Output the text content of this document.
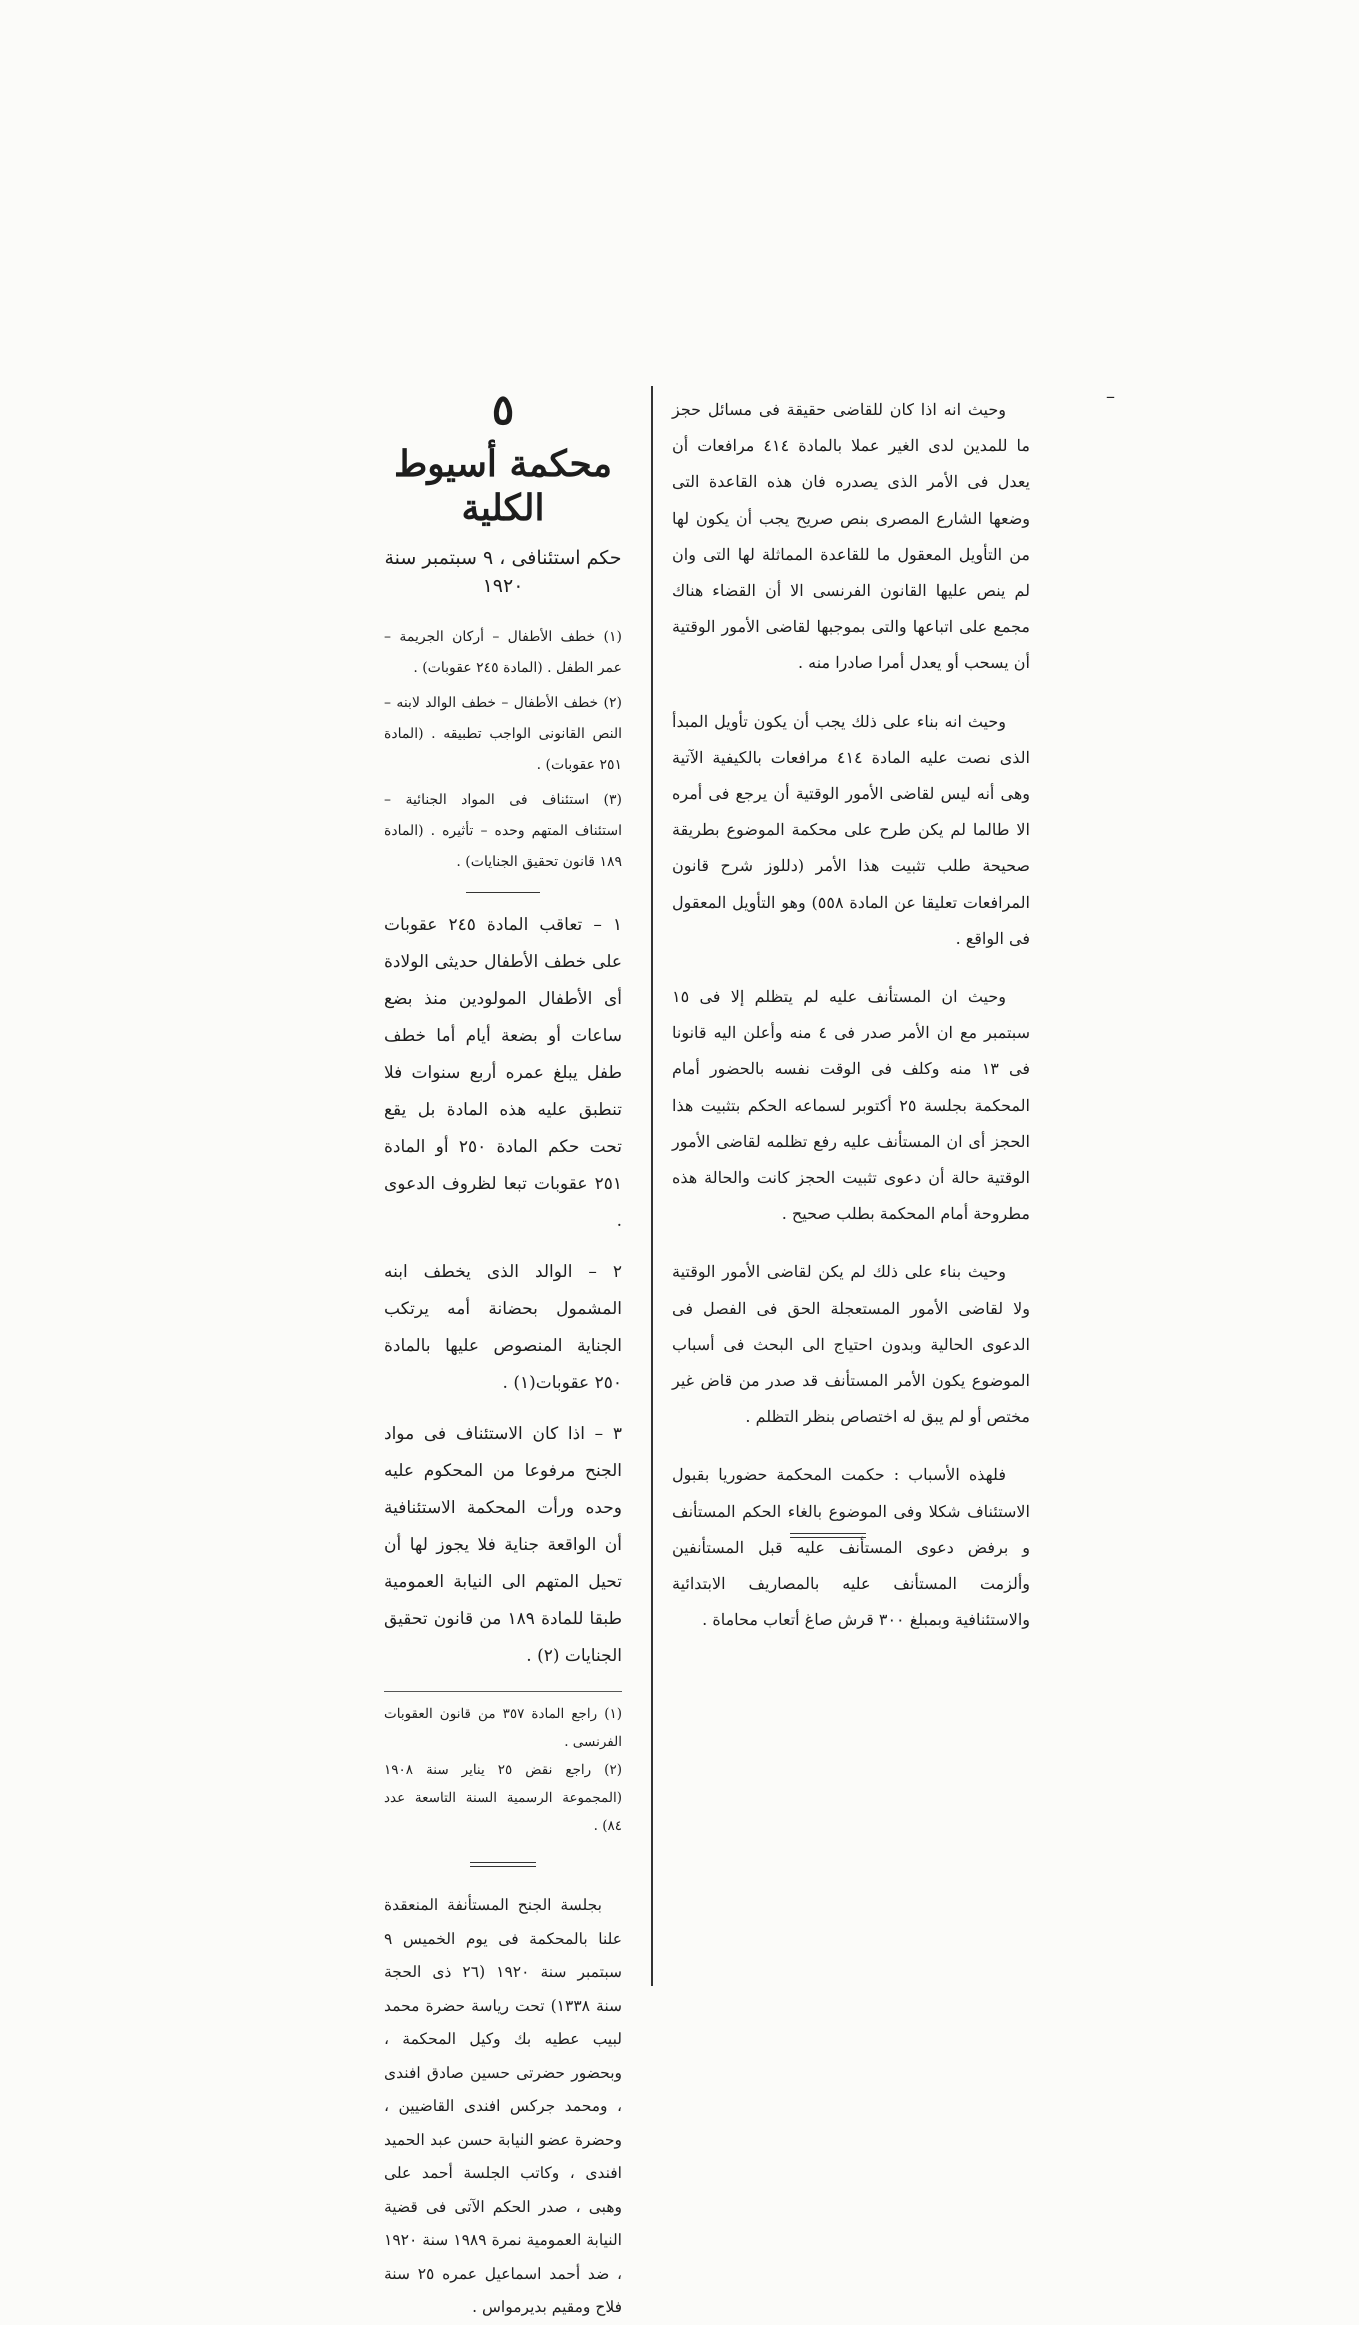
–

وحيث انه اذا كان للقاضى حقيقة فى مسائل حجز ما للمدين لدى الغير عملا بالمادة ٤١٤ مرافعات أن يعدل فى الأمر الذى يصدره فان هذه القاعدة التى وضعها الشارع المصرى بنص صريح يجب أن يكون لها من التأويل المعقول ما للقاعدة المماثلة لها التى وان لم ينص عليها القانون الفرنسى الا أن القضاء هناك مجمع على اتباعها والتى بموجبها لقاضى الأمور الوقتية أن يسحب أو يعدل أمرا صادرا منه .

وحيث انه بناء على ذلك يجب أن يكون تأويل المبدأ الذى نصت عليه المادة ٤١٤ مرافعات بالكيفية الآتية وهى أنه ليس لقاضى الأمور الوقتية أن يرجع فى أمره الا طالما لم يكن طرح على محكمة الموضوع بطريقة صحيحة طلب تثبيت هذا الأمر (دللوز شرح قانون المرافعات تعليقا عن المادة ٥٥٨) وهو التأويل المعقول فى الواقع .

وحيث ان المستأنف عليه لم يتظلم إلا فى ١٥ سبتمبر مع ان الأمر صدر فى ٤ منه وأعلن اليه قانونا فى ١٣ منه وكلف فى الوقت نفسه بالحضور أمام المحكمة بجلسة ٢٥ أكتوبر لسماعه الحكم بتثبيت هذا الحجز أى ان المستأنف عليه رفع تظلمه لقاضى الأمور الوقتية حالة أن دعوى تثبيت الحجز كانت والحالة هذه مطروحة أمام المحكمة بطلب صحيح .

وحيث بناء على ذلك لم يكن لقاضى الأمور الوقتية ولا لقاضى الأمور المستعجلة الحق فى الفصل فى الدعوى الحالية وبدون احتياج الى البحث فى أسباب الموضوع يكون الأمر المستأنف قد صدر من قاض غير مختص أو لم يبق له اختصاص بنظر التظلم .

فلهذه الأسباب : حكمت المحكمة حضوريا بقبول الاستئناف شكلا وفى الموضوع بالغاء الحكم المستأنف و برفض دعوى المستأنف عليه قبل المستأنفين وألزمت المستأنف عليه بالمصاريف الابتدائية والاستئنافية وبمبلغ ٣٠٠ قرش صاغ أتعاب محاماة .

٥
محكمة أسيوط الكلية
حكم استئنافى ، ٩ سبتمبر سنة ١٩٢٠

(١) خطف الأطفال – أركان الجريمة – عمر الطفل . (المادة ٢٤٥ عقوبات) .

(٢) خطف الأطفال – خطف الوالد لابنه – النص القانونى الواجب تطبيقه . (المادة ٢٥١ عقوبات) .

(٣) استئناف فى المواد الجنائية – استئناف المتهم وحده – تأثيره . (المادة ١٨٩ قانون تحقيق الجنايات) .

١ – تعاقب المادة ٢٤٥ عقوبات على خطف الأطفال حديثى الولادة أى الأطفال المولودين منذ بضع ساعات أو بضعة أيام أما خطف طفل يبلغ عمره أربع سنوات فلا تنطبق عليه هذه المادة بل يقع تحت حكم المادة ٢٥٠ أو المادة ٢٥١ عقوبات تبعا لظروف الدعوى .

٢ – الوالد الذى يخطف ابنه المشمول بحضانة أمه يرتكب الجناية المنصوص عليها بالمادة ٢٥٠ عقوبات(١) .

٣ – اذا كان الاستئناف فى مواد الجنح مرفوعا من المحكوم عليه وحده ورأت المحكمة الاستئنافية أن الواقعة جناية فلا يجوز لها أن تحيل المتهم الى النيابة العمومية طبقا للمادة ١٨٩ من قانون تحقيق الجنايات (٢) .

(١) راجع المادة ٣٥٧ من قانون العقوبات الفرنسى .

(٢) راجع نقض ٢٥ يناير سنة ١٩٠٨ (المجموعة الرسمية السنة التاسعة عدد ٨٤) .

بجلسة الجنح المستأنفة المنعقدة علنا بالمحكمة فى يوم الخميس ٩ سبتمبر سنة ١٩٢٠ (٢٦ ذى الحجة سنة ١٣٣٨) تحت رياسة حضرة محمد لبيب عطيه بك وكيل المحكمة ، وبحضور حضرتى حسين صادق افندى ، ومحمد جركس افندى القاضيين ، وحضرة عضو النيابة حسن عبد الحميد افندى ، وكاتب الجلسة أحمد على وهبى ، صدر الحكم الآتى فى قضية النيابة العمومية نمرة ١٩٨٩ سنة ١٩٢٠ ، ضد أحمد اسماعيل عمره ٢٥ سنة فلاح ومقيم بديرمواس .
